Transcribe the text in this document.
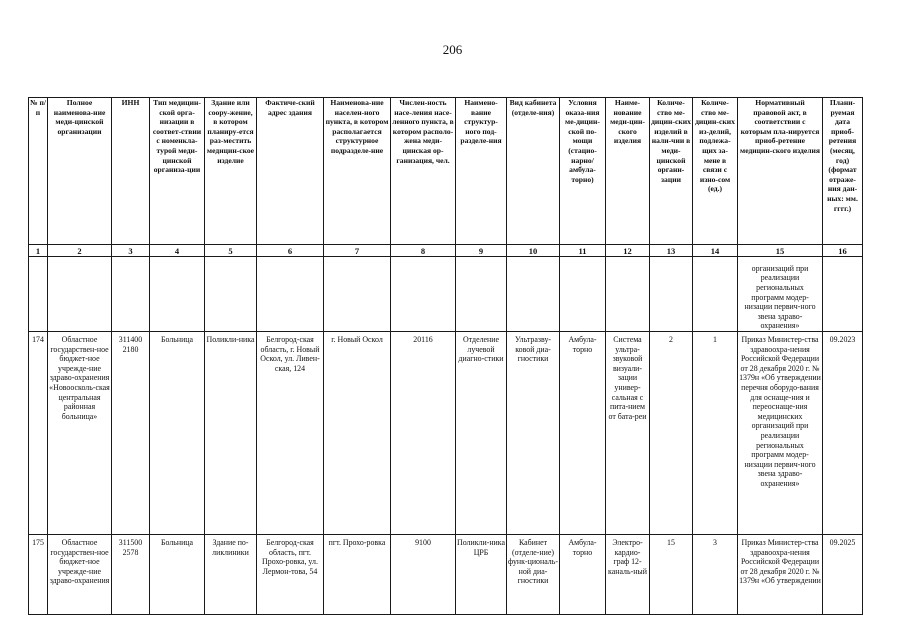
206
№ п/п	Полное наименова-ние меди-цинской организации	ИНН	Тип медицин-ской орга-низации в соответ-ствии с номенкла-турой меди-цинской организа-ции	Здание или соору-жение, в котором планиру-ется раз-местить медицин-ское изделие	Фактиче-ский адрес здания	Наименова-ние населен-ного пункта, в котором располагается структурное подразделе-ние	Числен-ность насе-ления насе-ленного пункта, в котором располо-жена меди-цинская ор-ганизация, чел.	Наимено-вание структур-ного под-разделе-ния	Вид кабинета (отделе-ния)	Условия оказа-ния ме-дицин-ской по-мощи (стацио-нарно/ амбула-торно)	Наиме-нование меди-цин-ского изделия	Количе-ство ме-дицин-ских изделий в нали-чии в меди-цинской органи-зации	Количе-ство ме-дицин-ских из-делий, подлежа-щих за-мене в связи с изно-сом (ед.)	Нормативный правовой акт, в соответствии с которым пла-нируется приоб-ретение медицин-ского изделия	Плани-руемая дата приоб-ретения (месяц, год) (формат отраже-ния дан-ных: мм. гггг.)
1	2	3	4	5	6	7	8	9	10	11	12	13	14	15	16
														организаций при реализации региональных программ модер-низации первич-ного звена здраво-охранения»	
174	Областное государствен-ное бюджет-ное учрежде-ние здраво-охранения «Новоосколь-ская центральная районная больница»	311400 2180	Больница	Поликли-ника	Белгород-ская область, г. Новый Оскол, ул. Ливен-ская, 124	г. Новый Оскол	20116	Отделение лучевой диагно-стики	Ультразву-ковой диа-гностики	Амбула-торно	Система ультра-звуковой визуали-зации универ-сальная с пита-нием от бата-реи	2	1	Приказ Министер-ства здравоохра-нения Российской Федерации от 28 декабря 2020 г. № 1379н «Об утверждении перечня оборудо-вания для оснаще-ния и переоснаще-ния медицинских организаций при реализации региональных программ модер-низации первич-ного звена здраво-охранения»	09.2023
175	Областное государствен-ное бюджет-ное учрежде-ние здраво-охранения	311500 2578	Больница	Здание по-ликлиники	Белгород-ская область, пгт. Прохо-ровка, ул. Лермон-това, 54	пгт. Прохо-ровка	9100	Поликли-ника ЦРБ	Кабинет (отделе-ние) функ-циональ-ной диа-гностики	Амбула-торно	Электро-кардио-граф 12-каналь-ный	15	3	Приказ Министер-ства здравоохра-нения Российской Федерации от 28 декабря 2020 г. № 1379н «Об утверждении	09.2025
